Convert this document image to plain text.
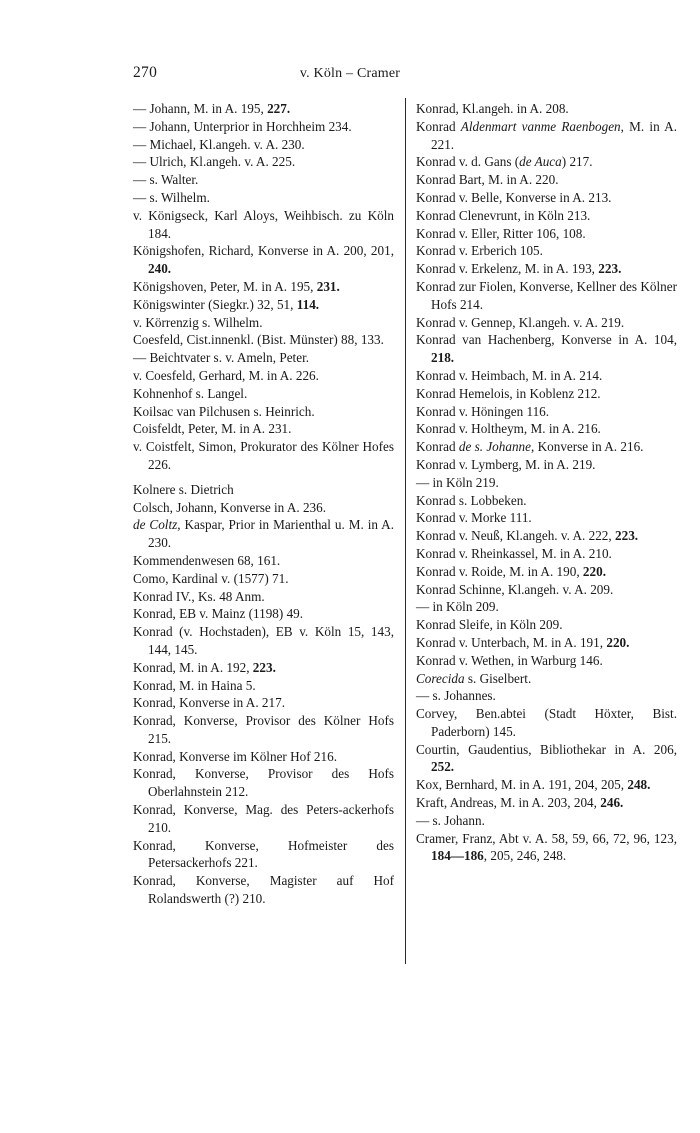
270	v. Köln – Cramer

— Johann, M. in A. 195, 227.

— Johann, Unterprior in Horchheim 234.

— Michael, Kl.angeh. v. A. 230.

— Ulrich, Kl.angeh. v. A. 225.

— s. Walter.

— s. Wilhelm.

v. Königseck, Karl Aloys, Weihbisch. zu Köln 184.

Königshofen, Richard, Konverse in A. 200, 201, 240.

Königshoven, Peter, M. in A. 195, 231.

Königswinter (Siegkr.) 32, 51, 114.

v. Körrenzig s. Wilhelm.

Coesfeld, Cist.innenkl. (Bist. Münster) 88, 133.

— Beichtvater s. v. Ameln, Peter.

v. Coesfeld, Gerhard, M. in A. 226.

Kohnenhof s. Langel.

Koilsac van Pilchusen s. Heinrich.

Coisfeldt, Peter, M. in A. 231.

v. Coistfelt, Simon, Prokurator des Kölner Hofes 226.

Kolnere s. Dietrich

Colsch, Johann, Konverse in A. 236.

de Coltz, Kaspar, Prior in Marienthal u. M. in A. 230.

Kommendenwesen 68, 161.

Como, Kardinal v. (1577) 71.

Konrad IV., Ks. 48 Anm.

Konrad, EB v. Mainz (1198) 49.

Konrad (v. Hochstaden), EB v. Köln 15, 143, 144, 145.

Konrad, M. in A. 192, 223.

Konrad, M. in Haina 5.

Konrad, Konverse in A. 217.

Konrad, Konverse, Provisor des Kölner Hofs 215.

Konrad, Konverse im Kölner Hof 216.

Konrad, Konverse, Provisor des Hofs Oberlahnstein 212.

Konrad, Konverse, Mag. des Peters-ackerhofs 210.

Konrad, Konverse, Hofmeister des Petersackerhofs 221.

Konrad, Konverse, Magister auf Hof Rolandswerth (?) 210.

Konrad, Kl.angeh. in A. 208.

Konrad Aldenmart vanme Raenbogen, M. in A. 221.

Konrad v. d. Gans (de Auca) 217.

Konrad Bart, M. in A. 220.

Konrad v. Belle, Konverse in A. 213.

Konrad Clenevrunt, in Köln 213.

Konrad v. Eller, Ritter 106, 108.

Konrad v. Erberich 105.

Konrad v. Erkelenz, M. in A. 193, 223.

Konrad zur Fiolen, Konverse, Kellner des Kölner Hofs 214.

Konrad v. Gennep, Kl.angeh. v. A. 219.

Konrad van Hachenberg, Konverse in A. 104, 218.

Konrad v. Heimbach, M. in A. 214.

Konrad Hemelois, in Koblenz 212.

Konrad v. Höningen 116.

Konrad v. Holtheym, M. in A. 216.

Konrad de s. Johanne, Konverse in A. 216.

Konrad v. Lymberg, M. in A. 219.

— in Köln 219.

Konrad s. Lobbeken.

Konrad v. Morke 111.

Konrad v. Neuß, Kl.angeh. v. A. 222, 223.

Konrad v. Rheinkassel, M. in A. 210.

Konrad v. Roide, M. in A. 190, 220.

Konrad Schinne, Kl.angeh. v. A. 209.

— in Köln 209.

Konrad Sleife, in Köln 209.

Konrad v. Unterbach, M. in A. 191, 220.

Konrad v. Wethen, in Warburg 146.

Corecida s. Giselbert.

— s. Johannes.

Corvey, Ben.abtei (Stadt Höxter, Bist. Paderborn) 145.

Courtin, Gaudentius, Bibliothekar in A. 206, 252.

Kox, Bernhard, M. in A. 191, 204, 205, 248.

Kraft, Andreas, M. in A. 203, 204, 246.

— s. Johann.

Cramer, Franz, Abt v. A. 58, 59, 66, 72, 96, 123, 184—186, 205, 246, 248.
